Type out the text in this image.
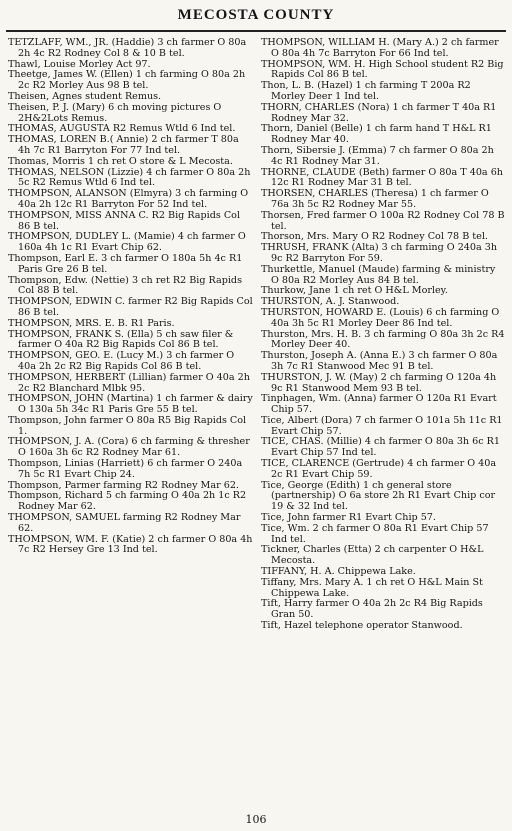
MECOSTA COUNTY

TETZLAFF, WM., JR. (Haddie) 3 ch farmer O 80a 2h 4c R2 Rodney Col 8 & 10 B tel.

Thawl, Louise Morley Act 97.

Theetge, James W. (Ellen) 1 ch farming O 80a 2h 2c R2 Morley Aus 98 B tel.

Theisen, Agnes student Remus.

Theisen, P. J. (Mary) 6 ch moving pictures O 2H&2Lots Remus.

THOMAS, AUGUSTA R2 Remus Wtld 6 Ind tel.

THOMAS, LOREN B.( Annie) 2 ch farmer T 80a 4h 7c R1 Barryton For 77 Ind tel.

Thomas, Morris 1 ch ret O store & L Mecosta.

THOMAS, NELSON (Lizzie) 4 ch farmer O 80a 2h 5c R2 Remus Wtld 6 Ind tel.

THOMPSON, ALANSON (Elmyra) 3 ch farming O 40a 2h 12c R1 Barryton For 52 Ind tel.

THOMPSON, MISS ANNA C. R2 Big Rapids Col 86 B tel.

THOMPSON, DUDLEY L. (Mamie) 4 ch farmer O 160a 4h 1c R1 Evart Chip 62.

Thompson, Earl E. 3 ch farmer O 180a 5h 4c R1 Paris Gre 26 B tel.

Thompson, Edw. (Nettie) 3 ch ret R2 Big Rapids Col 88 B tel.

THOMPSON, EDWIN C. farmer R2 Big Rapids Col 86 B tel.

THOMPSON, MRS. E. B. R1 Paris.

THOMPSON, FRANK S. (Ella) 5 ch saw filer & farmer O 40a R2 Big Rapids Col 86 B tel.

THOMPSON, GEO. E. (Lucy M.) 3 ch farmer O 40a 2h 2c R2 Big Rapids Col 86 B tel.

THOMPSON, HERBERT (Lillian) farmer O 40a 2h 2c R2 Blanchard Mlbk 95.

THOMPSON, JOHN (Martina) 1 ch farmer & dairy O 130a 5h 34c R1 Paris Gre 55 B tel.

Thompson, John farmer O 80a R5 Big Rapids Col 1.

THOMPSON, J. A. (Cora) 6 ch farming & thresher O 160a 3h 6c R2 Rodney Mar 61.

Thompson, Linias (Harriett) 6 ch farmer O 240a 7h 5c R1 Evart Chip 24.

Thompson, Parmer farming R2 Rodney Mar 62.

Thompson, Richard 5 ch farming O 40a 2h 1c R2 Rodney Mar 62.

THOMPSON, SAMUEL farming R2 Rodney Mar 62.

THOMPSON, WM. F. (Katie) 2 ch farmer O 80a 4h 7c R2 Hersey Gre 13 Ind tel.

THOMPSON, WILLIAM H. (Mary A.) 2 ch farmer O 80a 4h 7c Barryton For 66 Ind tel.

THOMPSON, WM. H. High School student R2 Big Rapids Col 86 B tel.

Thon, L. B. (Hazel) 1 ch farming T 200a R2 Morley Deer 1 Ind tel.

THORN, CHARLES (Nora) 1 ch farmer T 40a R1 Rodney Mar 32.

Thorn, Daniel (Belle) 1 ch farm hand T H&L R1 Rodney Mar 40.

Thorn, Sibersie J. (Emma) 7 ch farmer O 80a 2h 4c R1 Rodney Mar 31.

THORNE, CLAUDE (Beth) farmer O 80a T 40a 6h 12c R1 Rodney Mar 31 B tel.

THORSEN, CHARLES (Theresa) 1 ch farmer O 76a 3h 5c R2 Rodney Mar 55.

Thorsen, Fred farmer O 100a R2 Rodney Col 78 B tel.

Thorson, Mrs. Mary O R2 Rodney Col 78 B tel.

THRUSH, FRANK (Alta) 3 ch farming O 240a 3h 9c R2 Barryton For 59.

Thurkettle, Manuel (Maude) farming & ministry O 80a R2 Morley Aus 84 B tel.

Thurkow, Jane 1 ch ret O H&L Morley.

THURSTON, A. J. Stanwood.

THURSTON, HOWARD E. (Louis) 6 ch farming O 40a 3h 5c R1 Morley Deer 86 Ind tel.

Thurston, Mrs. H. B. 3 ch farming O 80a 3h 2c R4 Morley Deer 40.

Thurston, Joseph A. (Anna E.) 3 ch farmer O 80a 3h 7c R1 Stanwood Mec 91 B tel.

THURSTON, J. W. (May) 2 ch farming O 120a 4h 9c R1 Stanwood Mem 93 B tel.

Tinphagen, Wm. (Anna) farmer O 120a R1 Evart Chip 57.

Tice, Albert (Dora) 7 ch farmer O 101a 5h 11c R1 Evart Chip 57.

TICE, CHAS. (Millie) 4 ch farmer O 80a 3h 6c R1 Evart Chip 57 Ind tel.

TICE, CLARENCE (Gertrude) 4 ch farmer O 40a 2c R1 Evart Chip 59.

Tice, George (Edith) 1 ch general store (partnership) O 6a store 2h R1 Evart Chip cor 19 & 32 Ind tel.

Tice, John farmer R1 Evart Chip 57.

Tice, Wm. 2 ch farmer O 80a R1 Evart Chip 57 Ind tel.

Tickner, Charles (Etta) 2 ch carpenter O H&L Mecosta.

TIFFANY, H. A. Chippewa Lake.

Tiffany, Mrs. Mary A. 1 ch ret O H&L Main St Chippewa Lake.

Tift, Harry farmer O 40a 2h 2c R4 Big Rapids Gran 50.

Tift, Hazel telephone operator Stanwood.

106
